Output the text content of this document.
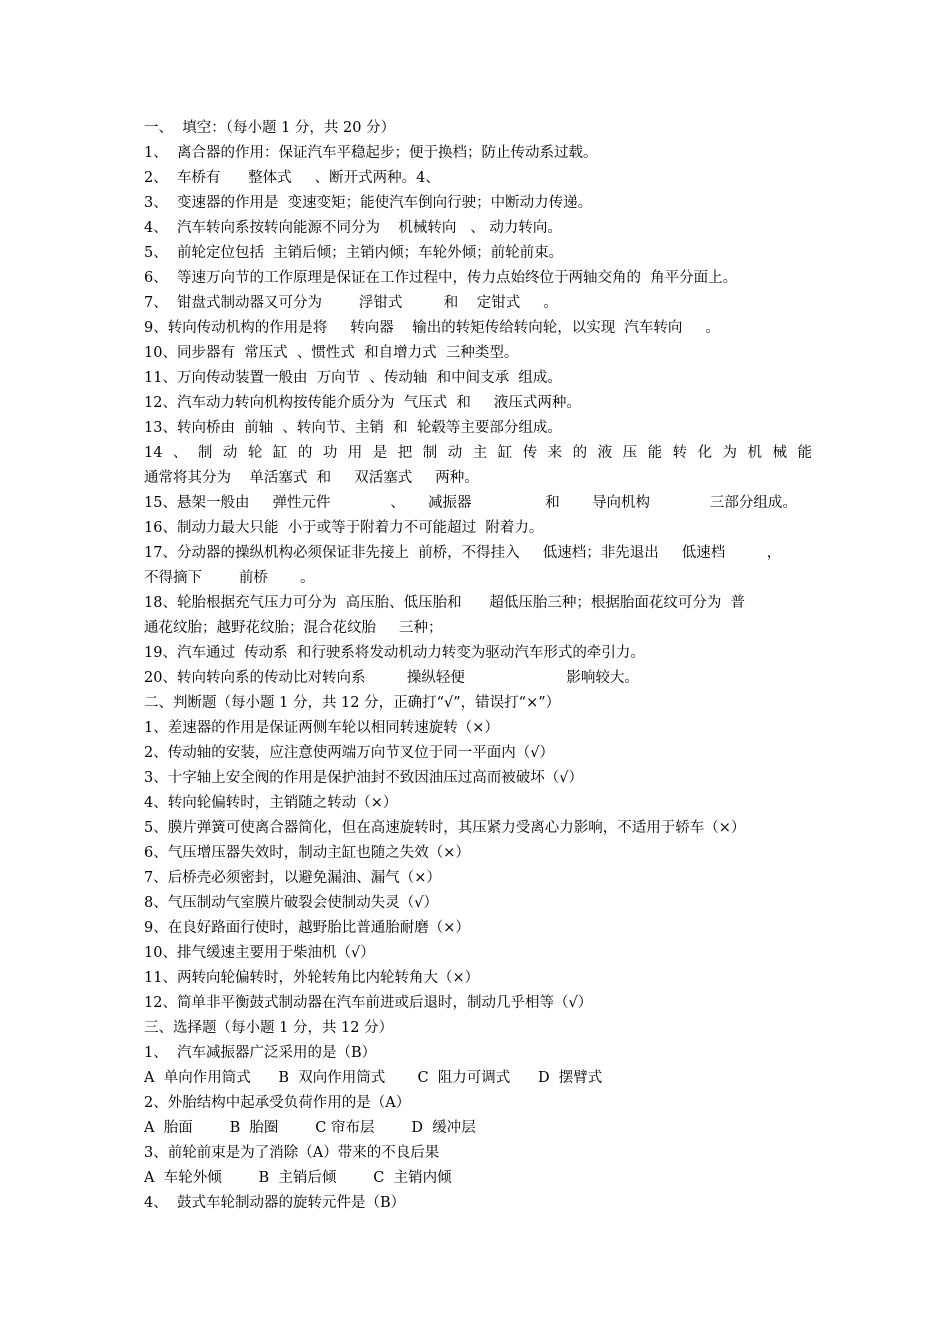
一、  填空：（每小题 1 分，共 20 分）
1、  离合器的作用：保证汽车平稳起步；便于换档；防止传动系过载。
2、  车桥有      整体式     、断开式两种。4、
3、  变速器的作用是  变速变矩；能使汽车倒向行驶；中断动力传递。
4、  汽车转向系按转向能源不同分为    机械转向   、 动力转向。
5、  前轮定位包括  主销后倾；主销内倾；车轮外倾；前轮前束。
6、  等速万向节的工作原理是保证在工作过程中，传力点始终位于两轴交角的  角平分面上。
7、  钳盘式制动器又可分为        浮钳式         和    定钳式     。
9、转向传动机构的作用是将     转向器    输出的转矩传给转向轮，以实现  汽车转向     。
10、同步器有  常压式  、惯性式  和自增力式  三种类型。
11、万向传动装置一般由  万向节  、传动轴  和中间支承  组成。
12、汽车动力转向机构按传能介质分为  气压式  和     液压式两种。
13、转向桥由  前轴  、转向节、主销  和  轮毂等主要部分组成。
14、制动轮缸的功用是把制动主缸传来的液压能转化为机械能
通常将其分为    单活塞式  和     双活塞式     两种。
15、悬架一般由     弹性元件             、     减振器                和       导向机构             三部分组成。
16、制动力最大只能  小于或等于附着力不可能超过  附着力。
17、分动器的操纵机构必须保证非先接上  前桥，不得挂入     低速档；非先退出     低速档         ，
不得摘下        前桥       。
18、轮胎根据充气压力可分为  高压胎、低压胎和      超低压胎三种；根据胎面花纹可分为  普
通花纹胎；越野花纹胎；混合花纹胎     三种；
19、汽车通过  传动系  和行驶系将发动机动力转变为驱动汽车形式的牵引力。
20、转向转向系的传动比对转向系         操纵轻便                      影响较大。
二、判断题（每小题 1 分，共 12 分，正确打“√”，错误打“×”）
1、差速器的作用是保证两侧车轮以相同转速旋转（×）
2、传动轴的安装，应注意使两端万向节叉位于同一平面内（√）
3、十字轴上安全阀的作用是保护油封不致因油压过高而被破坏（√）
4、转向轮偏转时，主销随之转动（×）
5、膜片弹簧可使离合器简化，但在高速旋转时，其压紧力受离心力影响，不适用于轿车（×）
6、气压增压器失效时，制动主缸也随之失效（×）
7、后桥壳必须密封，以避免漏油、漏气（×）
8、气压制动气室膜片破裂会使制动失灵（√）
9、在良好路面行使时，越野胎比普通胎耐磨（×）
10、排气缓速主要用于柴油机（√）
11、两转向轮偏转时，外轮转角比内轮转角大（×）
12、简单非平衡鼓式制动器在汽车前进或后退时，制动几乎相等（√）
三、选择题（每小题 1 分，共 12 分）
1、  汽车减振器广泛采用的是（B）
A  单向作用筒式      B  双向作用筒式       C  阻力可调式      D  摆臂式
2、外胎结构中起承受负荷作用的是（A）
A  胎面        B  胎圈        C 帘布层        D  缓冲层
3、前轮前束是为了消除（A）带来的不良后果
A  车轮外倾        B  主销后倾        C  主销内倾
4、  鼓式车轮制动器的旋转元件是（B）
